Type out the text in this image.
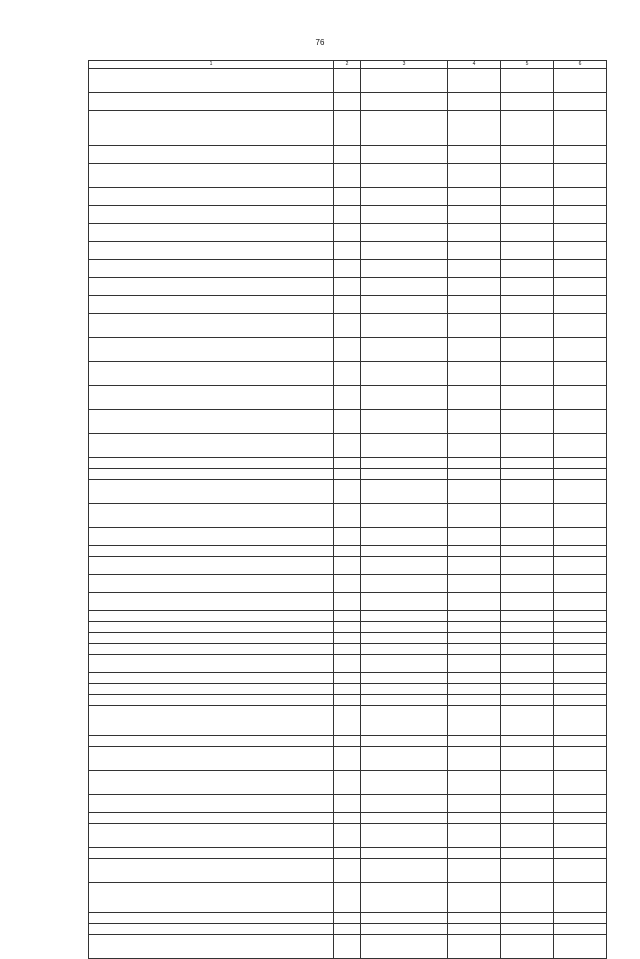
76
1	2	3	4	5	6
